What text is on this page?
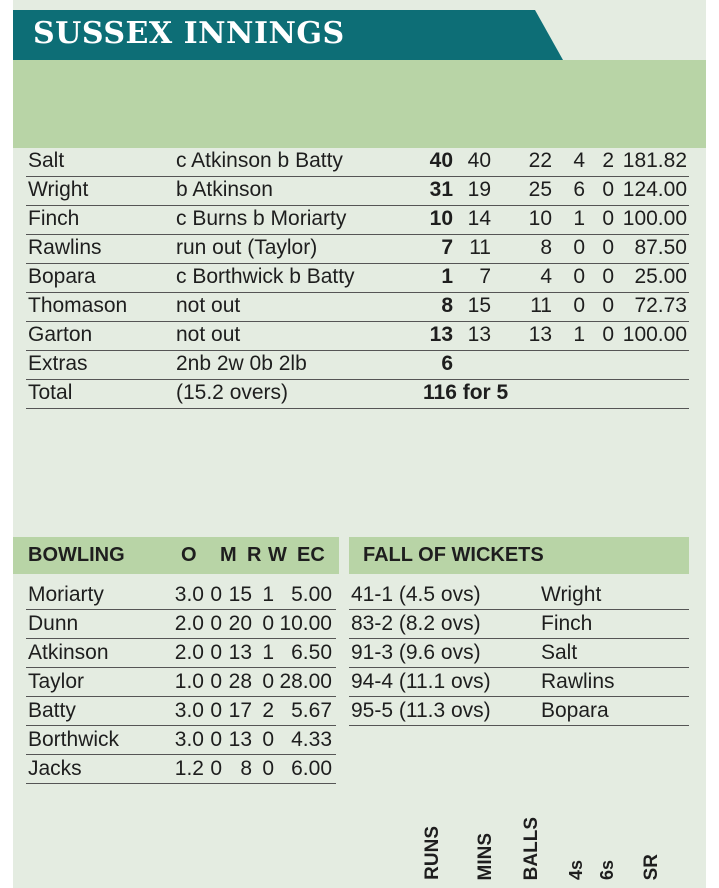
SUSSEX INNINGS
RUNS MINS BALLS 4s 6s SR
Salt	c Atkinson b Batty	40 40	22	4 2 181.82
Wright	b Atkinson	31 19	25	6 0 124.00
Finch	c Burns b Moriarty	10 14	10	1 0 100.00
Rawlins	run out (Taylor)	7 11	8	0 0 87.50
Bopara	c Borthwick b Batty	1	7	4	0 0 25.00
Thomason not out	8 15	11	0 0 72.73
Garton	not out	13 13	13	1 0 100.00
Extras	2nb 2w 0b 2lb	6
Total	(15.2 overs)	116 for 5
BOWLING	O M R W EC FALL OF WICKETS
Moriarty	3.0 0 15 1 5.00
Dunn	2.0 0 20 0 10.00
Atkinson	2.0 0 13 1 6.50
Taylor	1.0 0 28 0 28.00
Batty	3.0 0 17 2 5.67
Borthwick	3.0 0 13 0 4.33
Jacks	1.2 0 8 0 6.00
41-1 (4.5 ovs)	Wright
83-2 (8.2 ovs)	Finch
91-3 (9.6 ovs)	Salt
94-4 (11.1 ovs) Rawlins
95-5 (11.3 ovs) Bopara
